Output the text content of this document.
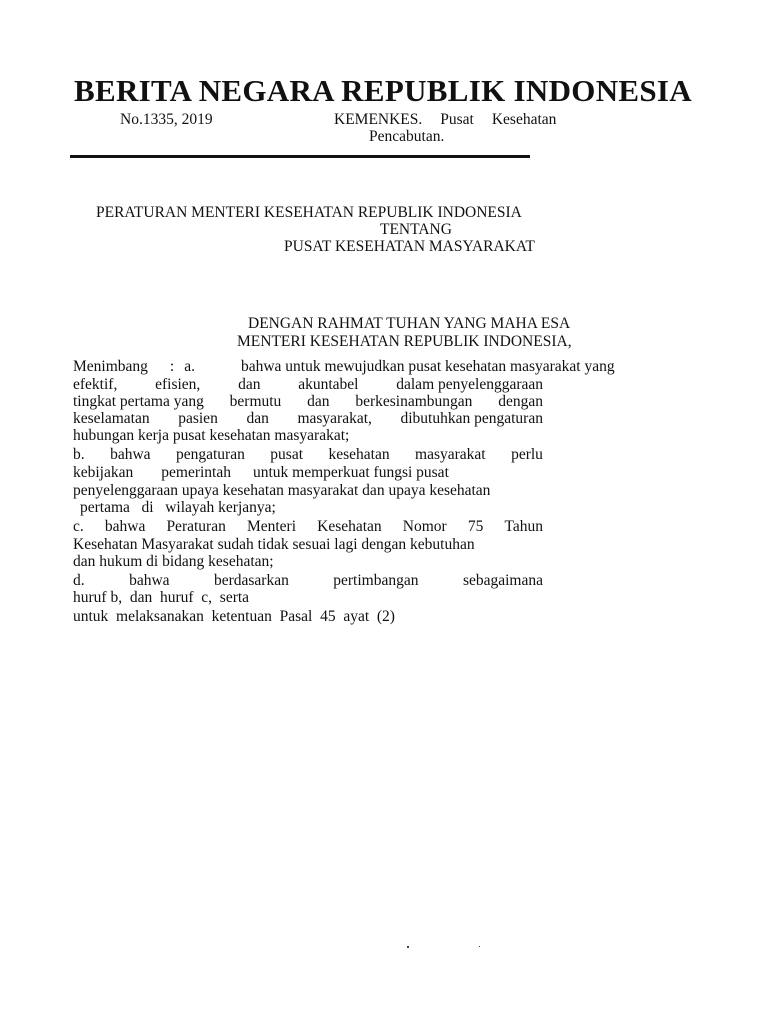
BERITA NEGARA REPUBLIK INDONESIA
No.1335, 2019	KEMENKES. Pusat Kesehatan
Pencabutan.
PERATURAN MENTERI KESEHATAN REPUBLIK INDONESIA
TENTANG
PUSAT KESEHATAN MASYARAKAT
DENGAN RAHMAT TUHAN YANG MAHA ESA
MENTERI KESEHATAN REPUBLIK INDONESIA,
Menimbang : a.	bahwa untuk mewujudkan pusat kesehatan masyarakat yang
efektif, efisien, dan akuntabel dalam penyelenggaraan
tingkat pertama yang bermutu dan berkesinambungan dengan
keselamatan pasien dan masyarakat, dibutuhkan pengaturan
hubungan kerja pusat kesehatan masyarakat;
b. bahwa pengaturan pusat kesehatan masyarakat perlu
kebijakan pemerintah untuk memperkuat fungsi pusat
penyelenggaraan upaya kesehatan masyarakat dan upaya kesehatan
pertama   di   wilayah kerjanya;
c. bahwa Peraturan Menteri Kesehatan Nomor 75 Tahun
Kesehatan Masyarakat sudah tidak sesuai lagi dengan kebutuhan
dan hukum di bidang kesehatan;
d.	bahwa	berdasarkan	pertimbangan	sebagaimana
huruf b,  dan  huruf  c,  serta
untuk  melaksanakan  ketentuan  Pasal  45  ayat  (2)
